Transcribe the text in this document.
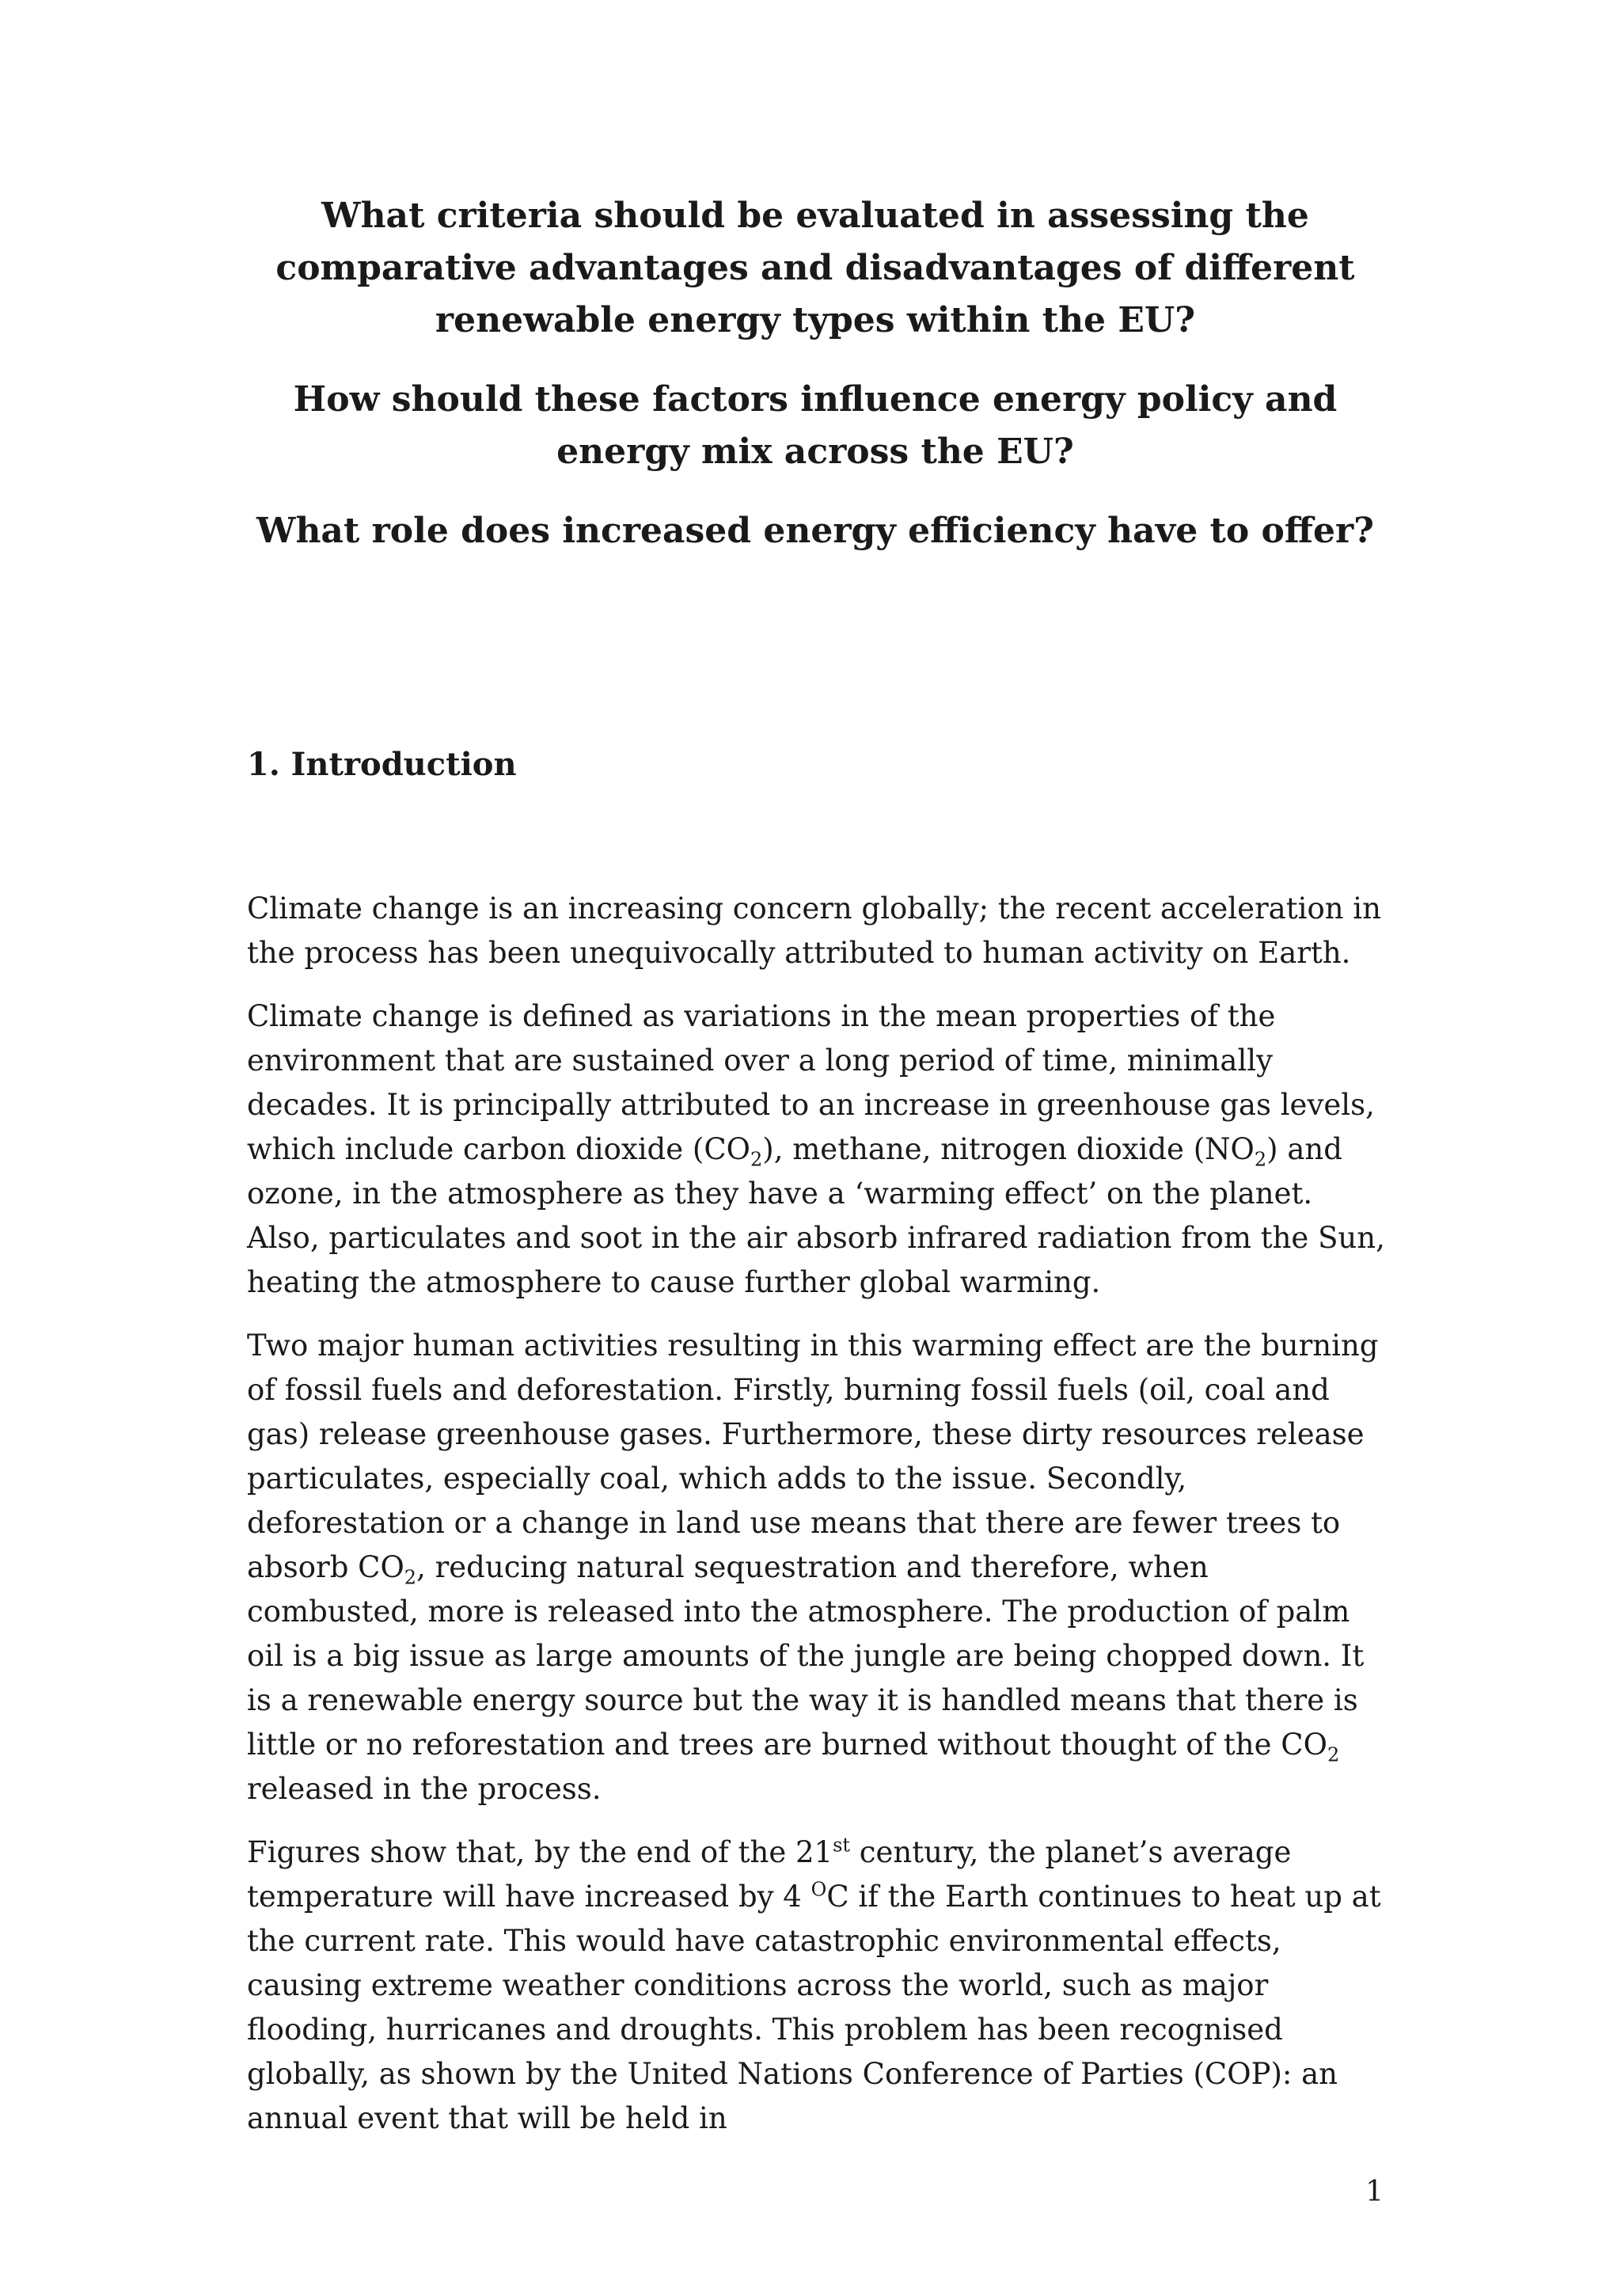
What criteria should be evaluated in assessing the comparative advantages and disadvantages of different renewable energy types within the EU?

How should these factors influence energy policy and energy mix across the EU?

What role does increased energy efficiency have to offer?

1. Introduction

Climate change is an increasing concern globally; the recent acceleration in the process has been unequivocally attributed to human activity on Earth.

Climate change is defined as variations in the mean properties of the environment that are sustained over a long period of time, minimally decades. It is principally attributed to an increase in greenhouse gas levels, which include carbon dioxide $(CO_2)$, methane, nitrogen dioxide $(NO_2)$ and ozone, in the atmosphere as they have a ‘warming effect’ on the planet. Also, particulates and soot in the air absorb infrared radiation from the Sun, heating the atmosphere to cause further global warming.

Two major human activities resulting in this warming effect are the burning of fossil fuels and deforestation. Firstly, burning fossil fuels (oil, coal and gas) release greenhouse gases. Furthermore, these dirty resources release particulates, especially coal, which adds to the issue. Secondly, deforestation or a change in land use means that there are fewer trees to absorb $CO_2$, reducing natural sequestration and therefore, when combusted, more is released into the atmosphere. The production of palm oil is a big issue as large amounts of the jungle are being chopped down. It is a renewable energy source but the way it is handled means that there is little or no reforestation and trees are burned without thought of the $CO_2$ released in the process.

Figures show that, by the end of the 21st century, the planet’s average temperature will have increased by 4 $^O$C if the Earth continues to heat up at the current rate. This would have catastrophic environmental effects, causing extreme weather conditions across the world, such as major flooding, hurricanes and droughts. This problem has been recognised globally, as shown by the United Nations Conference of Parties (COP): an annual event that will be held in

1
